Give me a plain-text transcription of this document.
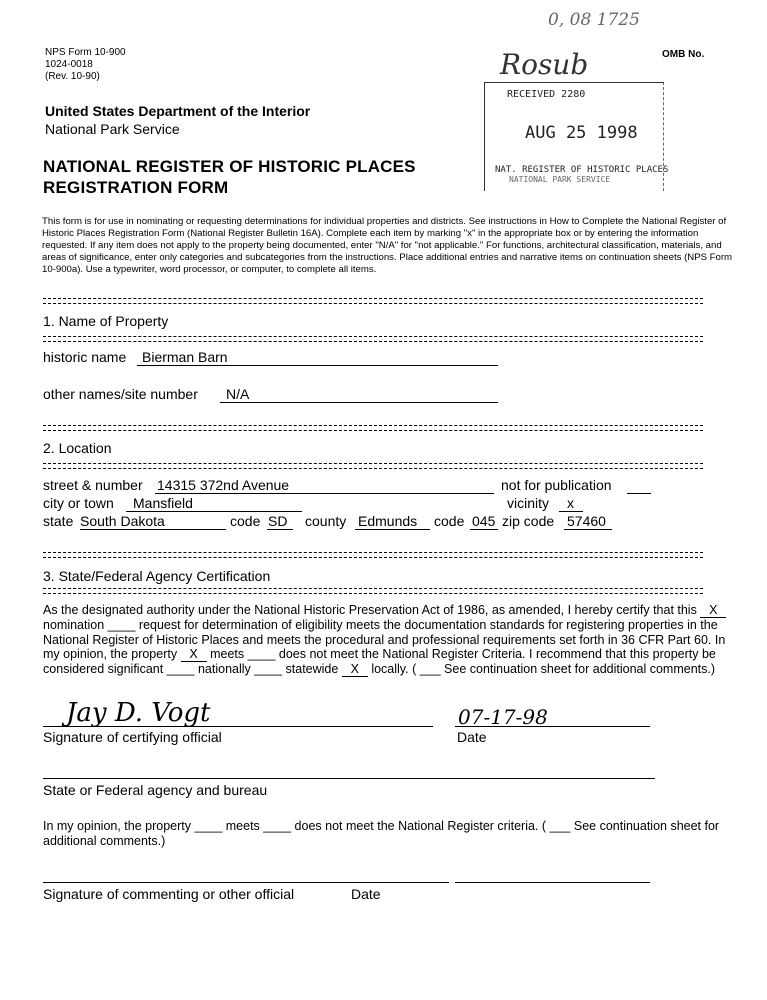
NPS Form 10-900
1024-0018
(Rev. 10-90)
OMB No.
United States Department of the Interior
National Park Service
NATIONAL REGISTER OF HISTORIC PLACES
REGISTRATION FORM
0, 08 1725
Rosub
RECEIVED 2280
AUG 25 1998
NAT. REGISTER OF HISTORIC PLACES
NATIONAL PARK SERVICE
This form is for use in nominating or requesting determinations for individual properties and districts. See instructions in How to Complete the National Register of Historic Places Registration Form (National Register Bulletin 16A). Complete each item by marking "x" in the appropriate box or by entering the information requested. If any item does not apply to the property being documented, enter "N/A" for "not applicable." For functions, architectural classification, materials, and areas of significance, enter only categories and subcategories from the instructions. Place additional entries and narrative items on continuation sheets (NPS Form 10-900a). Use a typewriter, word processor, or computer, to complete all items.
1. Name of Property
historic name Bierman Barn
other names/site number N/A
2. Location
street & number 14315 372nd Avenue	not for publication
city or town Mansfield	vicinity x
state South Dakota	code SD county Edmunds code 045 zip code 57460
3. State/Federal Agency Certification
As the designated authority under the National Historic Preservation Act of 1986, as amended, I hereby certify that this X nomination ____ request for determination of eligibility meets the documentation standards for registering properties in the National Register of Historic Places and meets the procedural and professional requirements set forth in 36 CFR Part 60. In my opinion, the property X meets ____ does not meet the National Register Criteria. I recommend that this property be considered significant ____ nationally ____ statewide X locally. ( ___ See continuation sheet for additional comments.)
Jay D. Vogt	07-17-98
Signature of certifying official	Date
State or Federal agency and bureau
In my opinion, the property ____ meets ____ does not meet the National Register criteria. ( ___ See continuation sheet for additional comments.)
Signature of commenting or other official	Date
